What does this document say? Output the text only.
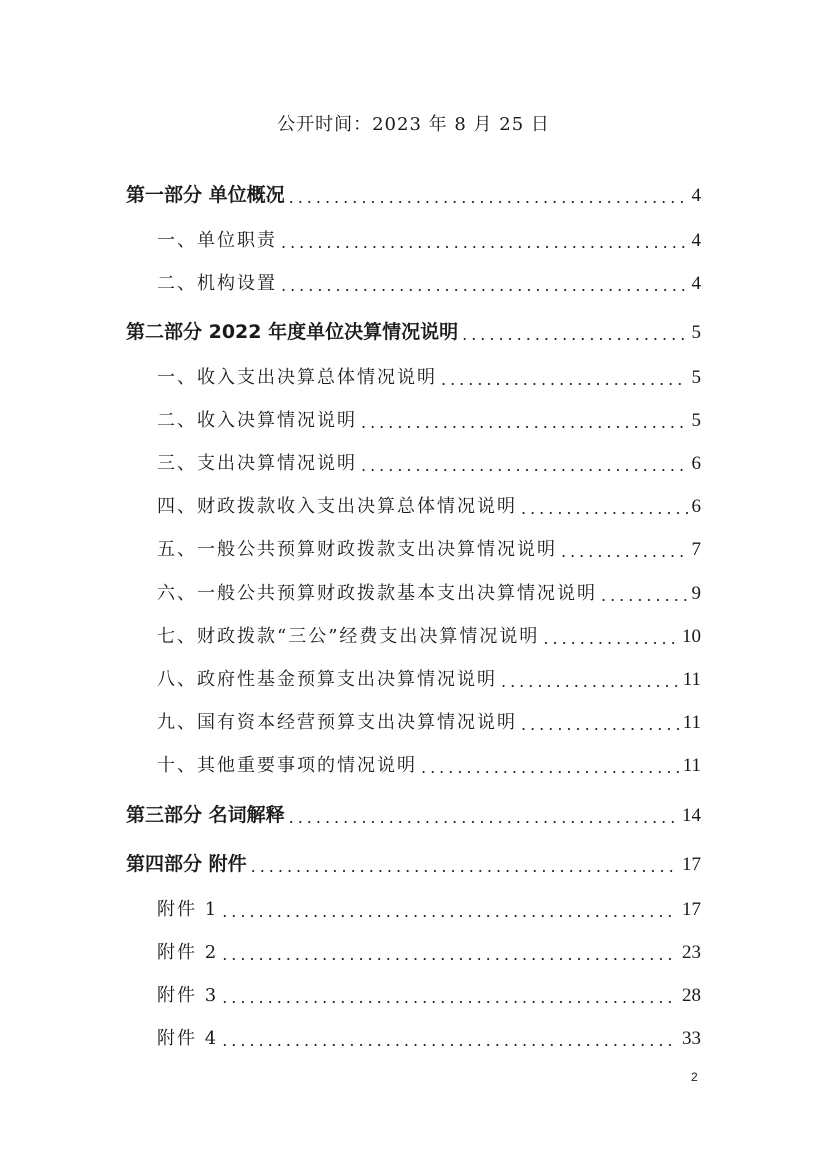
公开时间：2023 年 8 月 25 日
第一部分 单位概况 .....	4
一、单位职责 .....	4
二、机构设置 .....	4
第二部分 2022 年度单位决算情况说明 .....	5
一、收入支出决算总体情况说明 .....	5
二、收入决算情况说明 .....	5
三、支出决算情况说明 .....	6
四、财政拨款收入支出决算总体情况说明 .....	6
五、一般公共预算财政拨款支出决算情况说明 .....	7
六、一般公共预算财政拨款基本支出决算情况说明 .....	9
七、财政拨款“三公”经费支出决算情况说明 .....	10
八、政府性基金预算支出决算情况说明 .....	11
九、国有资本经营预算支出决算情况说明 .....	11
十、其他重要事项的情况说明 .....	11
第三部分 名词解释 .....	14
第四部分 附件 .....	17
附件 1 .....	17
附件 2 .....	23
附件 3 .....	28
附件 4 .....	33
2
